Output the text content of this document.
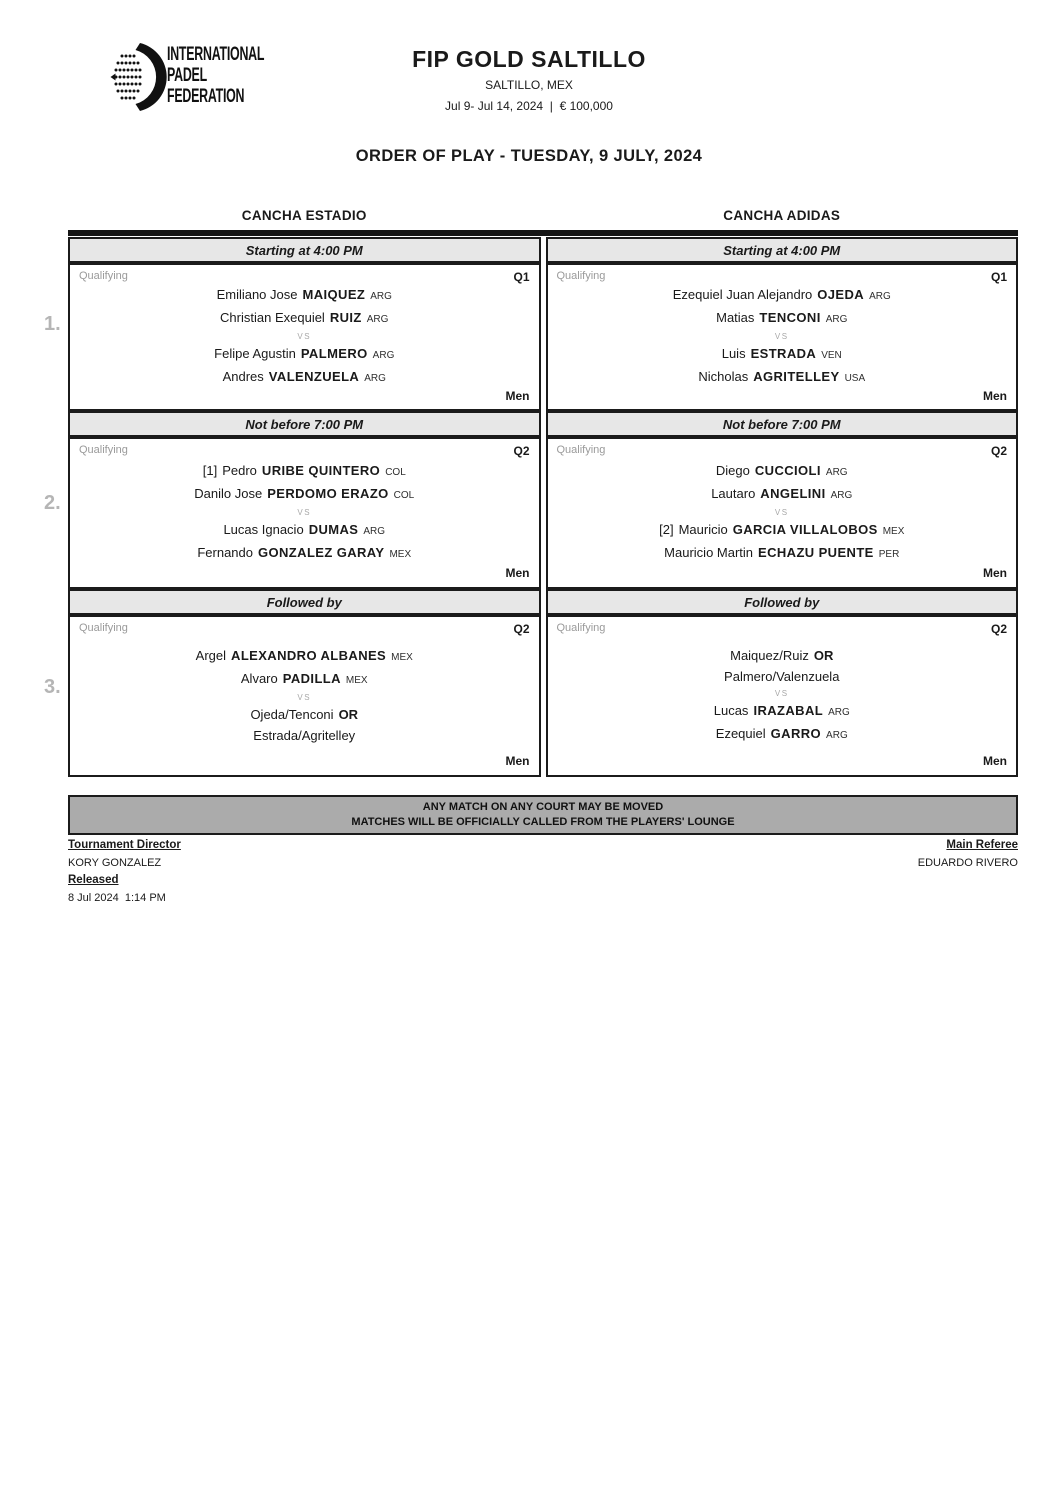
INTERNATIONAL
PADEL
FEDERATION
FIP GOLD SALTILLO
SALTILLO, MEX
Jul 9- Jul 14, 2024  |  € 100,000
ORDER OF PLAY - TUESDAY, 9 JULY, 2024
CANCHA ESTADIO	CANCHA ADIDAS
Starting at 4:00 PM
Qualifying	Q1
Emiliano Jose MAIQUEZ ARG
Christian Exequiel RUIZ ARG
VS
Felipe Agustin PALMERO ARG
Andres VALENZUELA ARG
Men
Not before 7:00 PM
Qualifying	Q2
[1] Pedro URIBE QUINTERO COL
Danilo Jose PERDOMO ERAZO COL
VS
Lucas Ignacio DUMAS ARG
Fernando GONZALEZ GARAY MEX
Men
Followed by
Qualifying	Q2
Argel ALEXANDRO ALBANES MEX
Alvaro PADILLA MEX
VS
Ojeda/Tenconi OR
Estrada/Agritelley
Men
Starting at 4:00 PM
Qualifying	Q1
Ezequiel Juan Alejandro OJEDA ARG
Matias TENCONI ARG
VS
Luis ESTRADA VEN
Nicholas AGRITELLEY USA
Men
Not before 7:00 PM
Qualifying	Q2
Diego CUCCIOLI ARG
Lautaro ANGELINI ARG
VS
[2] Mauricio GARCIA VILLALOBOS MEX
Mauricio Martin ECHAZU PUENTE PER
Men
Followed by
Qualifying	Q2
Maiquez/Ruiz OR
Palmero/Valenzuela
VS
Lucas IRAZABAL ARG
Ezequiel GARRO ARG
Men
1.
2.
3.
ANY MATCH ON ANY COURT MAY BE MOVED
MATCHES WILL BE OFFICIALLY CALLED FROM THE PLAYERS' LOUNGE
Tournament Director
KORY GONZALEZ
Main Referee
EDUARDO RIVERO
Released
8 Jul 2024  1:14 PM
